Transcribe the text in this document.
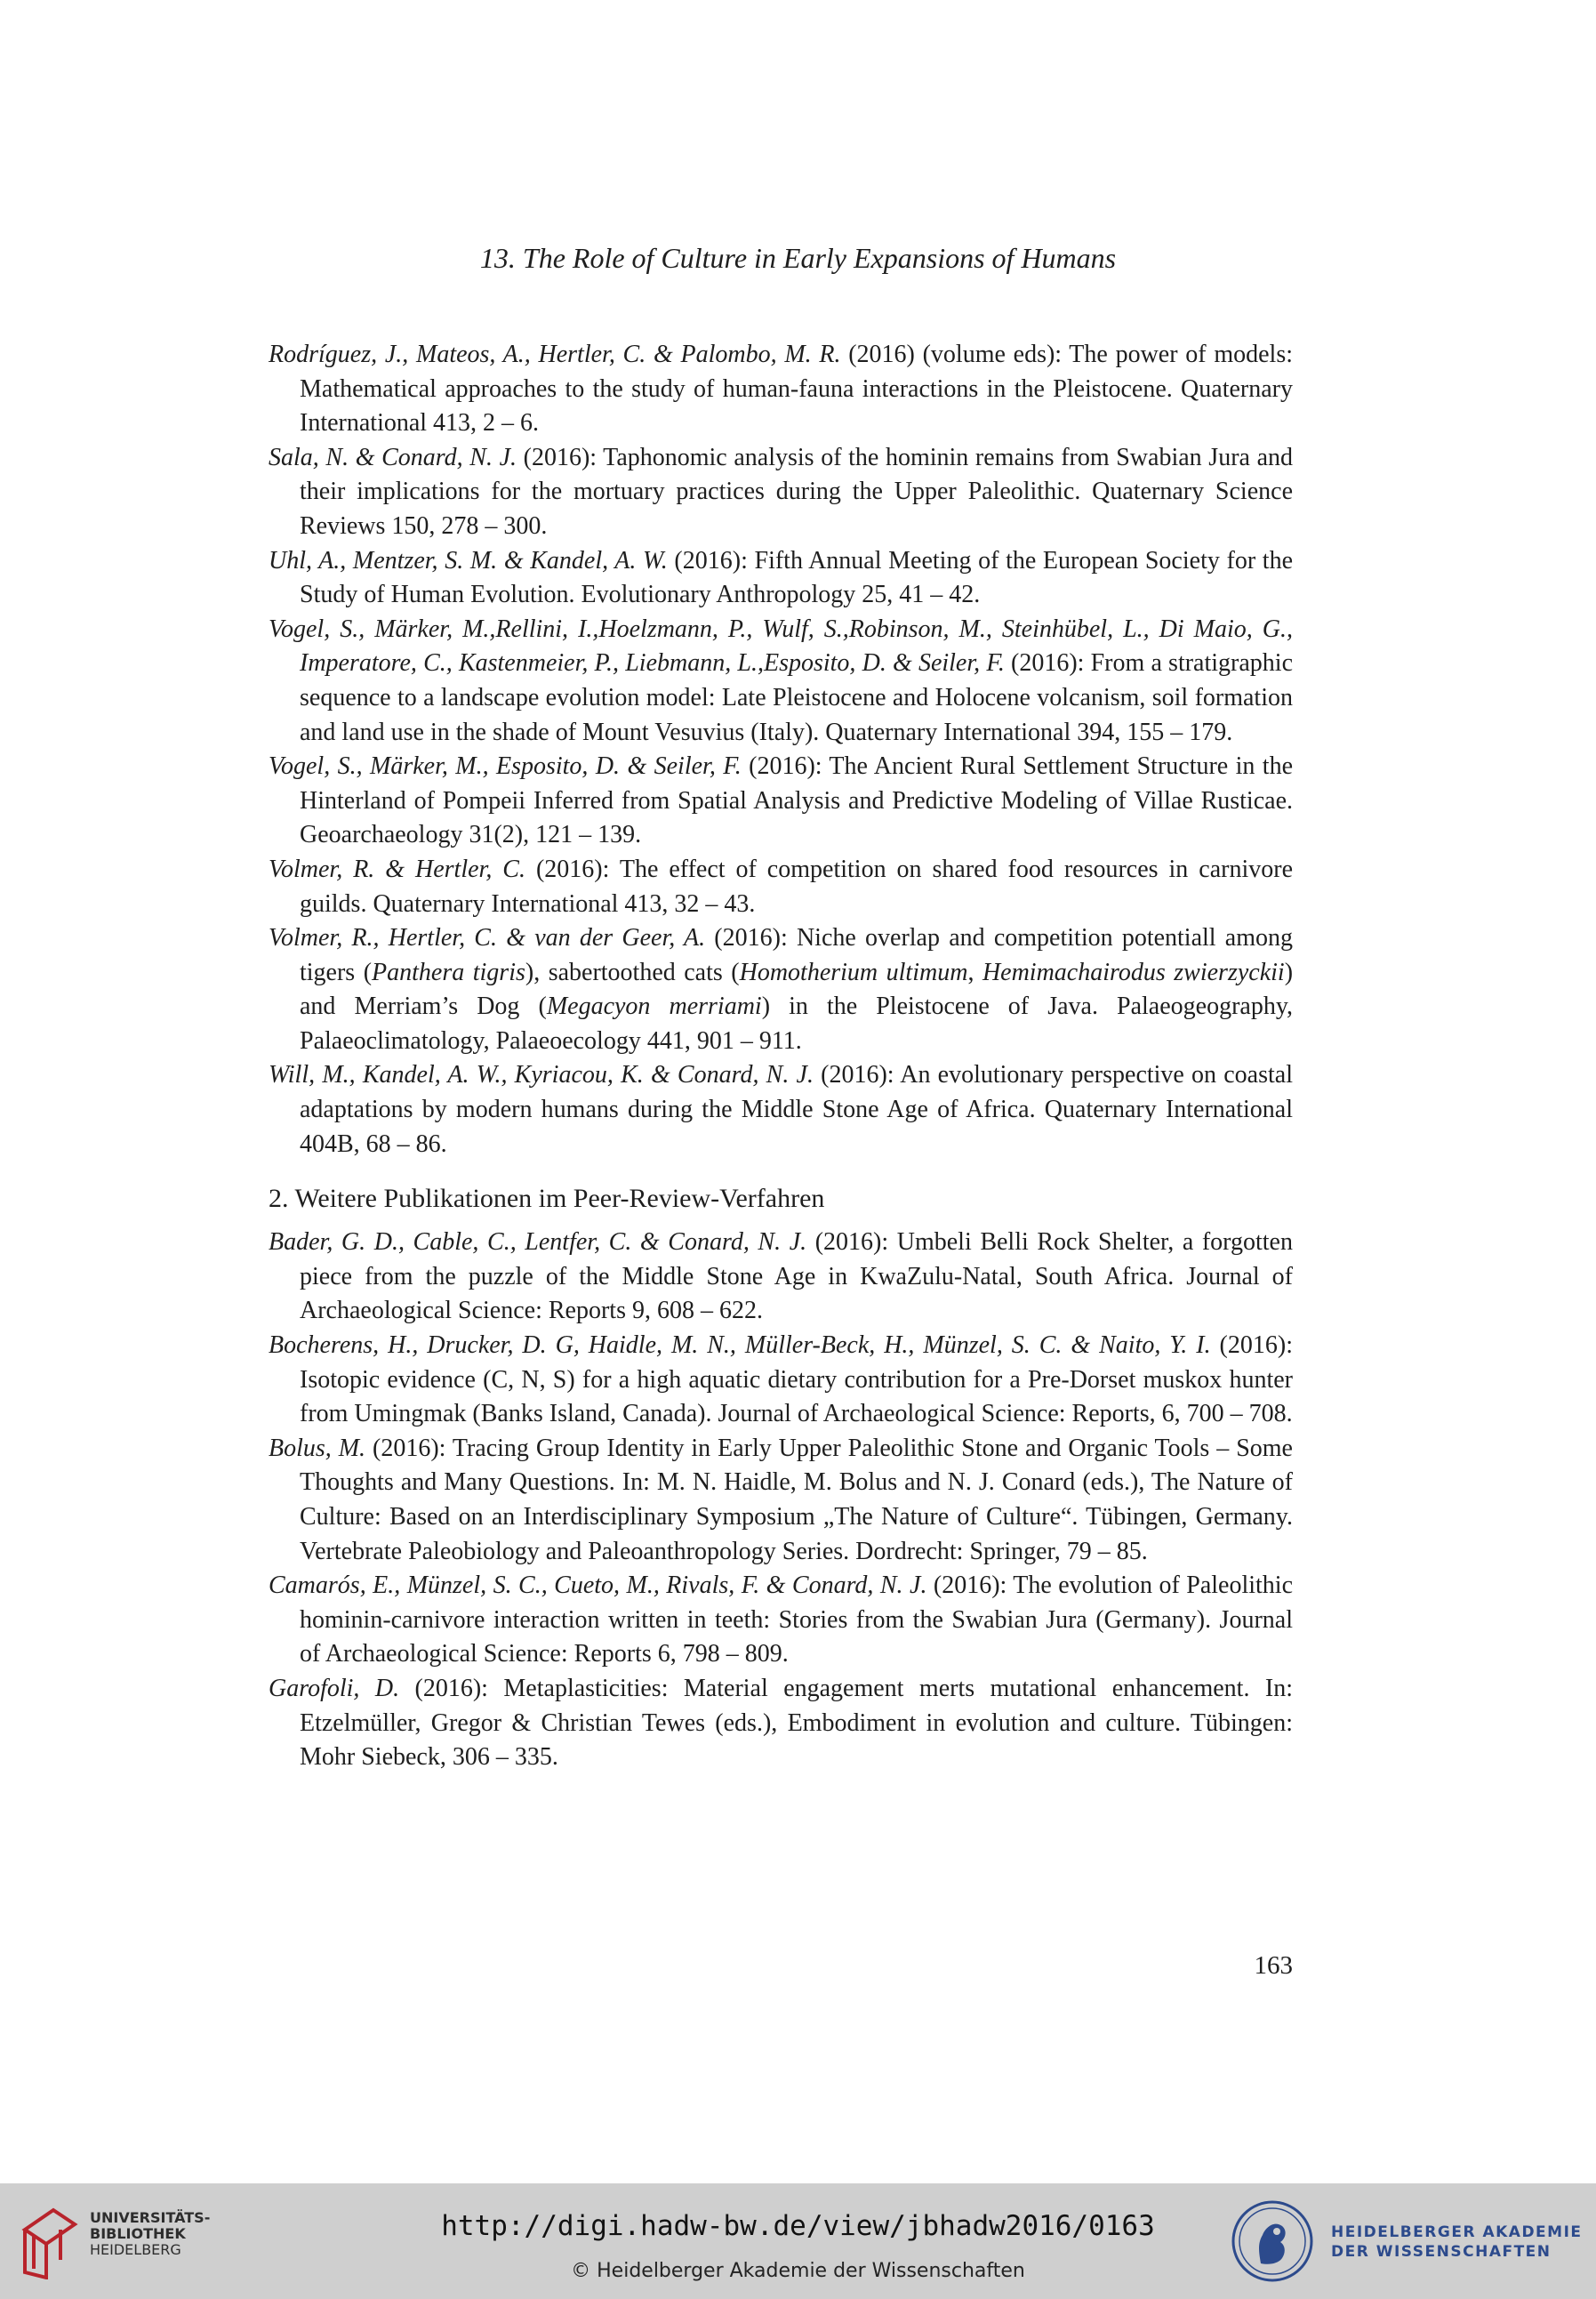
13. The Role of Culture in Early Expansions of Humans

Rodríguez, J., Mateos, A., Hertler, C. & Palombo, M. R. (2016) (volume eds): The power of models: Mathematical approaches to the study of human-fauna interactions in the Pleistocene. Quaternary International 413, 2 – 6.

Sala, N. & Conard, N. J. (2016): Taphonomic analysis of the hominin remains from Swabian Jura and their implications for the mortuary practices during the Upper Paleolithic. Quaternary Science Reviews 150, 278 – 300.

Uhl, A., Mentzer, S. M. & Kandel, A. W. (2016): Fifth Annual Meeting of the European Society for the Study of Human Evolution. Evolutionary Anthropology 25, 41 – 42.

Vogel, S., Märker, M.,Rellini, I.,Hoelzmann, P., Wulf, S.,Robinson, M., Steinhübel, L., Di Maio, G., Imperatore, C., Kastenmeier, P., Liebmann, L.,Esposito, D. & Seiler, F. (2016): From a stratigraphic sequence to a landscape evolution model: Late Pleistocene and Holocene volcanism, soil formation and land use in the shade of Mount Vesuvius (Italy). Quaternary International 394, 155 – 179.

Vogel, S., Märker, M., Esposito, D. & Seiler, F. (2016): The Ancient Rural Settlement Structure in the Hinterland of Pompeii Inferred from Spatial Analysis and Predictive Modeling of Villae Rusticae. Geoarchaeology 31(2), 121 – 139.

Volmer, R. & Hertler, C. (2016): The effect of competition on shared food resources in carnivore guilds. Quaternary International 413, 32 – 43.

Volmer, R., Hertler, C. & van der Geer, A. (2016): Niche overlap and competition potentiall among tigers (Panthera tigris), sabertoothed cats (Homotherium ultimum, Hemimachairodus zwierzyckii) and Merriam’s Dog (Megacyon merriami) in the Pleistocene of Java. Palaeogeography, Palaeoclimatology, Palaeoecology 441, 901 – 911.

Will, M., Kandel, A. W., Kyriacou, K. & Conard, N. J. (2016): An evolutionary perspective on coastal adaptations by modern humans during the Middle Stone Age of Africa. Quaternary International 404B, 68 – 86.

2. Weitere Publikationen im Peer-Review-Verfahren

Bader, G. D., Cable, C., Lentfer, C. & Conard, N. J. (2016): Umbeli Belli Rock Shelter, a forgotten piece from the puzzle of the Middle Stone Age in KwaZulu-Natal, South Africa. Journal of Archaeological Science: Reports 9, 608 – 622.

Bocherens, H., Drucker, D. G, Haidle, M. N., Müller-Beck, H., Münzel, S. C. & Naito, Y. I. (2016): Isotopic evidence (C, N, S) for a high aquatic dietary contribution for a Pre-Dorset muskox hunter from Umingmak (Banks Island, Canada). Journal of Archaeological Science: Reports, 6, 700 – 708.

Bolus, M. (2016): Tracing Group Identity in Early Upper Paleolithic Stone and Organic Tools – Some Thoughts and Many Questions. In: M. N. Haidle, M. Bolus and N. J. Conard (eds.), The Nature of Culture: Based on an Interdisciplinary Symposium „The Nature of Culture“. Tübingen, Germany. Vertebrate Paleobiology and Paleoanthropology Series. Dordrecht: Springer, 79 – 85.

Camarós, E., Münzel, S. C., Cueto, M., Rivals, F. & Conard, N. J. (2016): The evolution of Paleolithic hominin-carnivore interaction written in teeth: Stories from the Swabian Jura (Germany). Journal of Archaeological Science: Reports 6, 798 – 809.

Garofoli, D. (2016): Metaplasticities: Material engagement merts mutational enhancement. In: Etzelmüller, Gregor & Christian Tewes (eds.), Embodiment in evolution and culture. Tübingen: Mohr Siebeck, 306 – 335.

163
UNIVERSITÄTS-
BIBLIOTHEK
HEIDELBERG
http://digi.hadw-bw.de/view/jbhadw2016/0163
© Heidelberger Akademie der Wissenschaften
HEIDELBERGER AKADEMIE
DER WISSENSCHAFTEN
